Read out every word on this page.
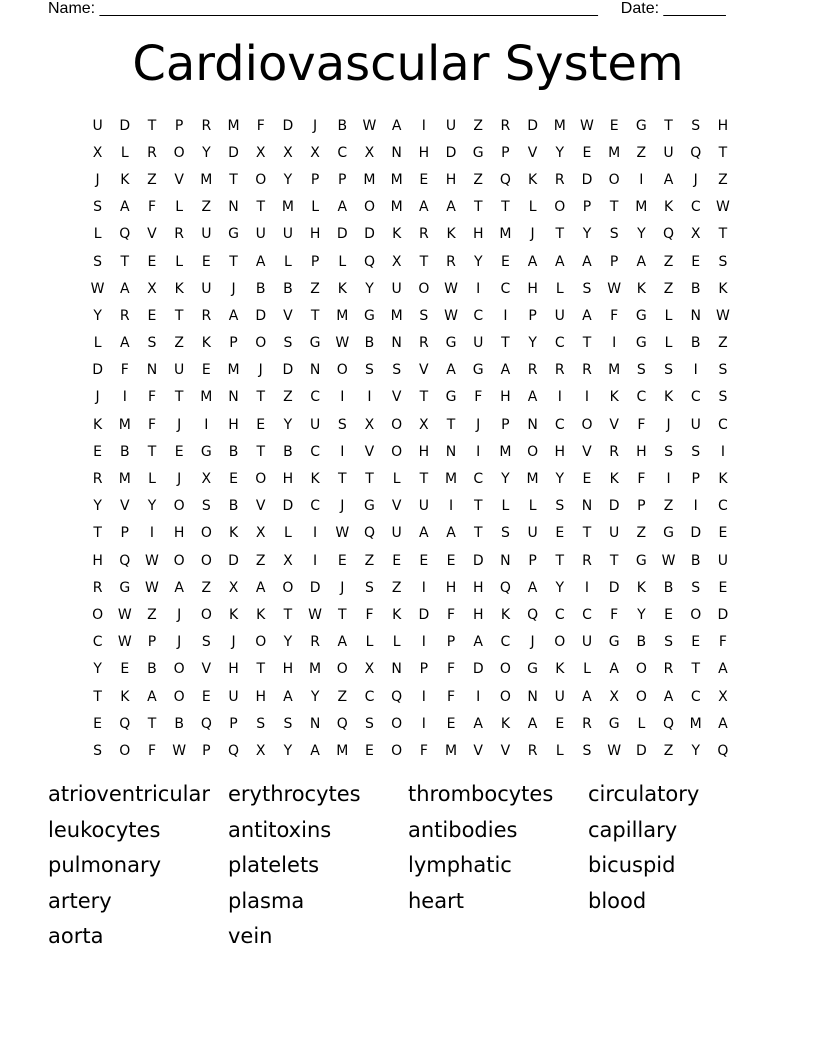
Name: ________________________________________________________ Date: _______
Cardiovascular System
U	D	T	P	R	M	F	D	J	B	W	A	I	U	Z	R	D	M	W	E	G	T	S	H
X	L	R	O	Y	D	X	X	X	C	X	N	H	D	G	P	V	Y	E	M	Z	U	Q	T
J	K	Z	V	M	T	O	Y	P	P	M	M	E	H	Z	Q	K	R	D	O	I	A	J	Z
S	A	F	L	Z	N	T	M	L	A	O	M	A	A	T	T	L	O	P	T	M	K	C	W
L	Q	V	R	U	G	U	U	H	D	D	K	R	K	H	M	J	T	Y	S	Y	Q	X	T
S	T	E	L	E	T	A	L	P	L	Q	X	T	R	Y	E	A	A	A	P	A	Z	E	S
W	A	X	K	U	J	B	B	Z	K	Y	U	O	W	I	C	H	L	S	W	K	Z	B	K
Y	R	E	T	R	A	D	V	T	M	G	M	S	W	C	I	P	U	A	F	G	L	N	W
L	A	S	Z	K	P	O	S	G	W	B	N	R	G	U	T	Y	C	T	I	G	L	B	Z
D	F	N	U	E	M	J	D	N	O	S	S	V	A	G	A	R	R	R	M	S	S	I	S
J	I	F	T	M	N	T	Z	C	I	I	V	T	G	F	H	A	I	I	K	C	K	C	S
K	M	F	J	I	H	E	Y	U	S	X	O	X	T	J	P	N	C	O	V	F	J	U	C
E	B	T	E	G	B	T	B	C	I	V	O	H	N	I	M	O	H	V	R	H	S	S	I
R	M	L	J	X	E	O	H	K	T	T	L	T	M	C	Y	M	Y	E	K	F	I	P	K
Y	V	Y	O	S	B	V	D	C	J	G	V	U	I	T	L	L	S	N	D	P	Z	I	C
T	P	I	H	O	K	X	L	I	W	Q	U	A	A	T	S	U	E	T	U	Z	G	D	E
H	Q	W	O	O	D	Z	X	I	E	Z	E	E	E	D	N	P	T	R	T	G	W	B	U
R	G	W	A	Z	X	A	O	D	J	S	Z	I	H	H	Q	A	Y	I	D	K	B	S	E
O	W	Z	J	O	K	K	T	W	T	F	K	D	F	H	K	Q	C	C	F	Y	E	O	D
C	W	P	J	S	J	O	Y	R	A	L	L	I	P	A	C	J	O	U	G	B	S	E	F
Y	E	B	O	V	H	T	H	M	O	X	N	P	F	D	O	G	K	L	A	O	R	T	A
T	K	A	O	E	U	H	A	Y	Z	C	Q	I	F	I	O	N	U	A	X	O	A	C	X
E	Q	T	B	Q	P	S	S	N	Q	S	O	I	E	A	K	A	E	R	G	L	Q	M	A
S	O	F	W	P	Q	X	Y	A	M	E	O	F	M	V	V	R	L	S	W	D	Z	Y	Q
atrioventricular erythrocytes	thrombocytes	circulatory
leukocytes	antitoxins	antibodies	capillary
pulmonary	platelets	lymphatic	bicuspid
artery	plasma	heart	blood
aorta	vein
